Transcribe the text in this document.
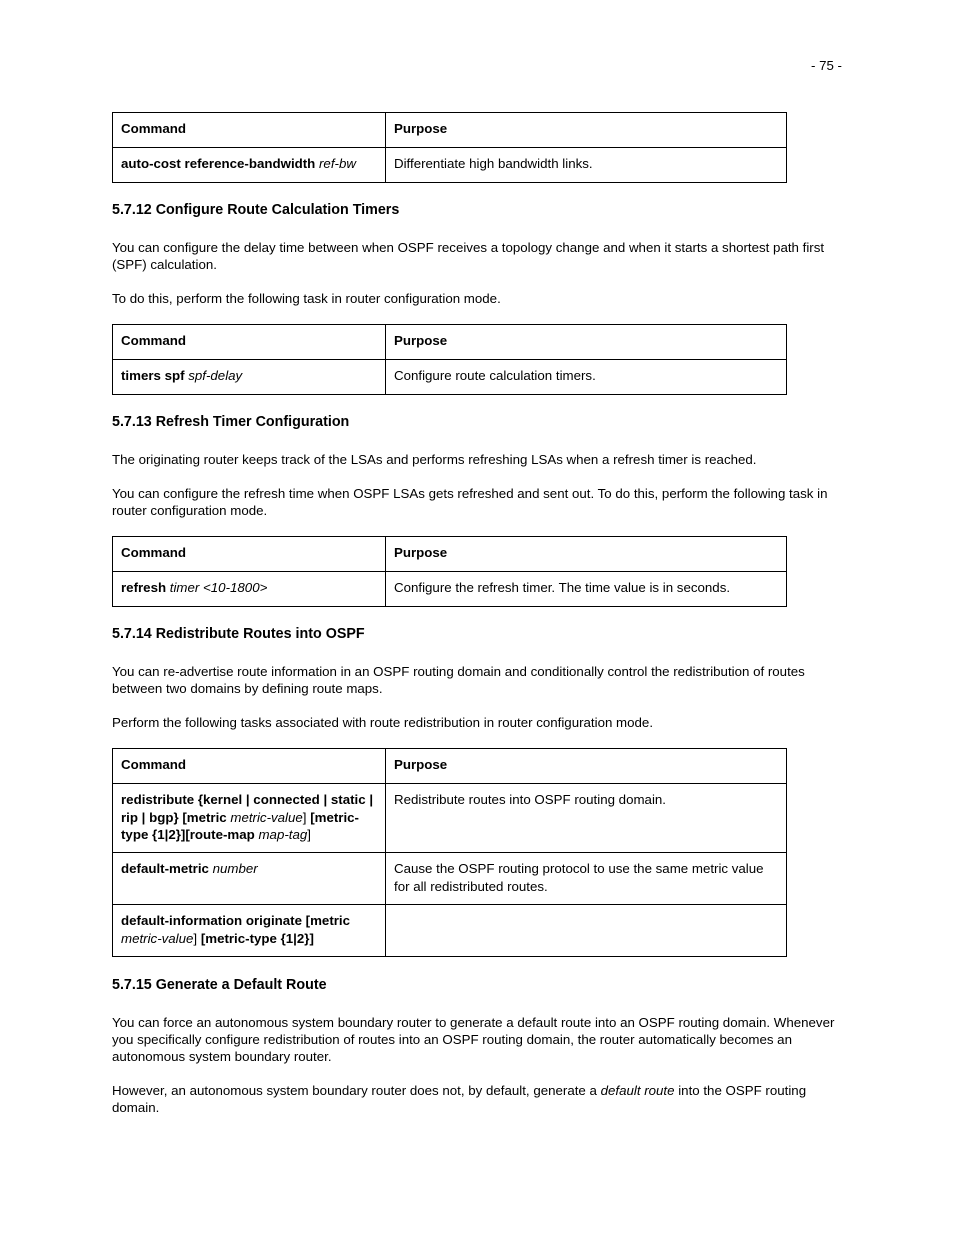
- 75 -
Command	Purpose
auto-cost reference-bandwidth ref-bw	Differentiate high bandwidth links.
5.7.12 Configure Route Calculation Timers

You can configure the delay time between when OSPF receives a topology change and when it starts a shortest path first (SPF) calculation.

To do this, perform the following task in router configuration mode.

Command	Purpose
timers spf spf-delay	Configure route calculation timers.
5.7.13 Refresh Timer Configuration

The originating router keeps track of the LSAs and performs refreshing LSAs when a refresh timer is reached.

You can configure the refresh time when OSPF LSAs gets refreshed and sent out. To do this, perform the following task in router configuration mode.

Command	Purpose
refresh timer <10-1800>	Configure the refresh timer. The time value is in seconds.
5.7.14 Redistribute Routes into OSPF

You can re-advertise route information in an OSPF routing domain and conditionally control the redistribution of routes between two domains by defining route maps.

Perform the following tasks associated with route redistribution in router configuration mode.

Command	Purpose
redistribute {kernel | connected | static | rip | bgp} [metric metric-value] [metric-type {1|2}][route-map map-tag]	Redistribute routes into OSPF routing domain.
default-metric number	Cause the OSPF routing protocol to use the same metric value for all redistributed routes.
default-information originate [metric
metric-value] [metric-type {1|2}]	
5.7.15 Generate a Default Route

You can force an autonomous system boundary router to generate a default route into an OSPF routing domain. Whenever you specifically configure redistribution of routes into an OSPF routing domain, the router automatically becomes an autonomous system boundary router.

However, an autonomous system boundary router does not, by default, generate a default route into the OSPF routing domain.
